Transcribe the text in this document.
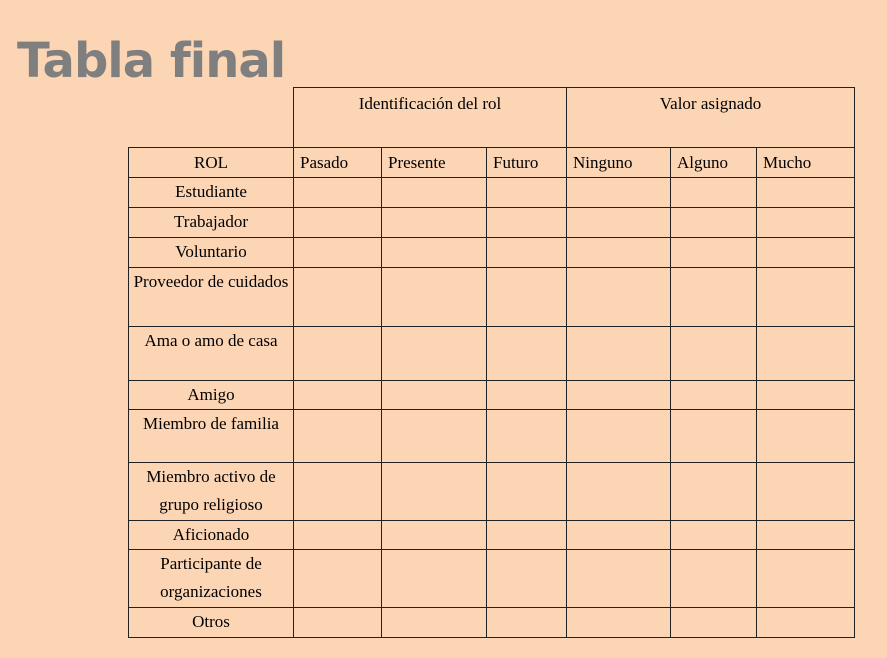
Tabla final
	Identificación del rol			Valor asignado		
ROL	Pasado	Presente	Futuro	Ninguno	Alguno	Mucho
Estudiante						
Trabajador						
Voluntario						
Proveedor de cuidados						
Ama o amo de casa						
Amigo						
Miembro de familia						
Miembro activo de grupo religioso						
Aficionado						
Participante de organizaciones						
Otros						
